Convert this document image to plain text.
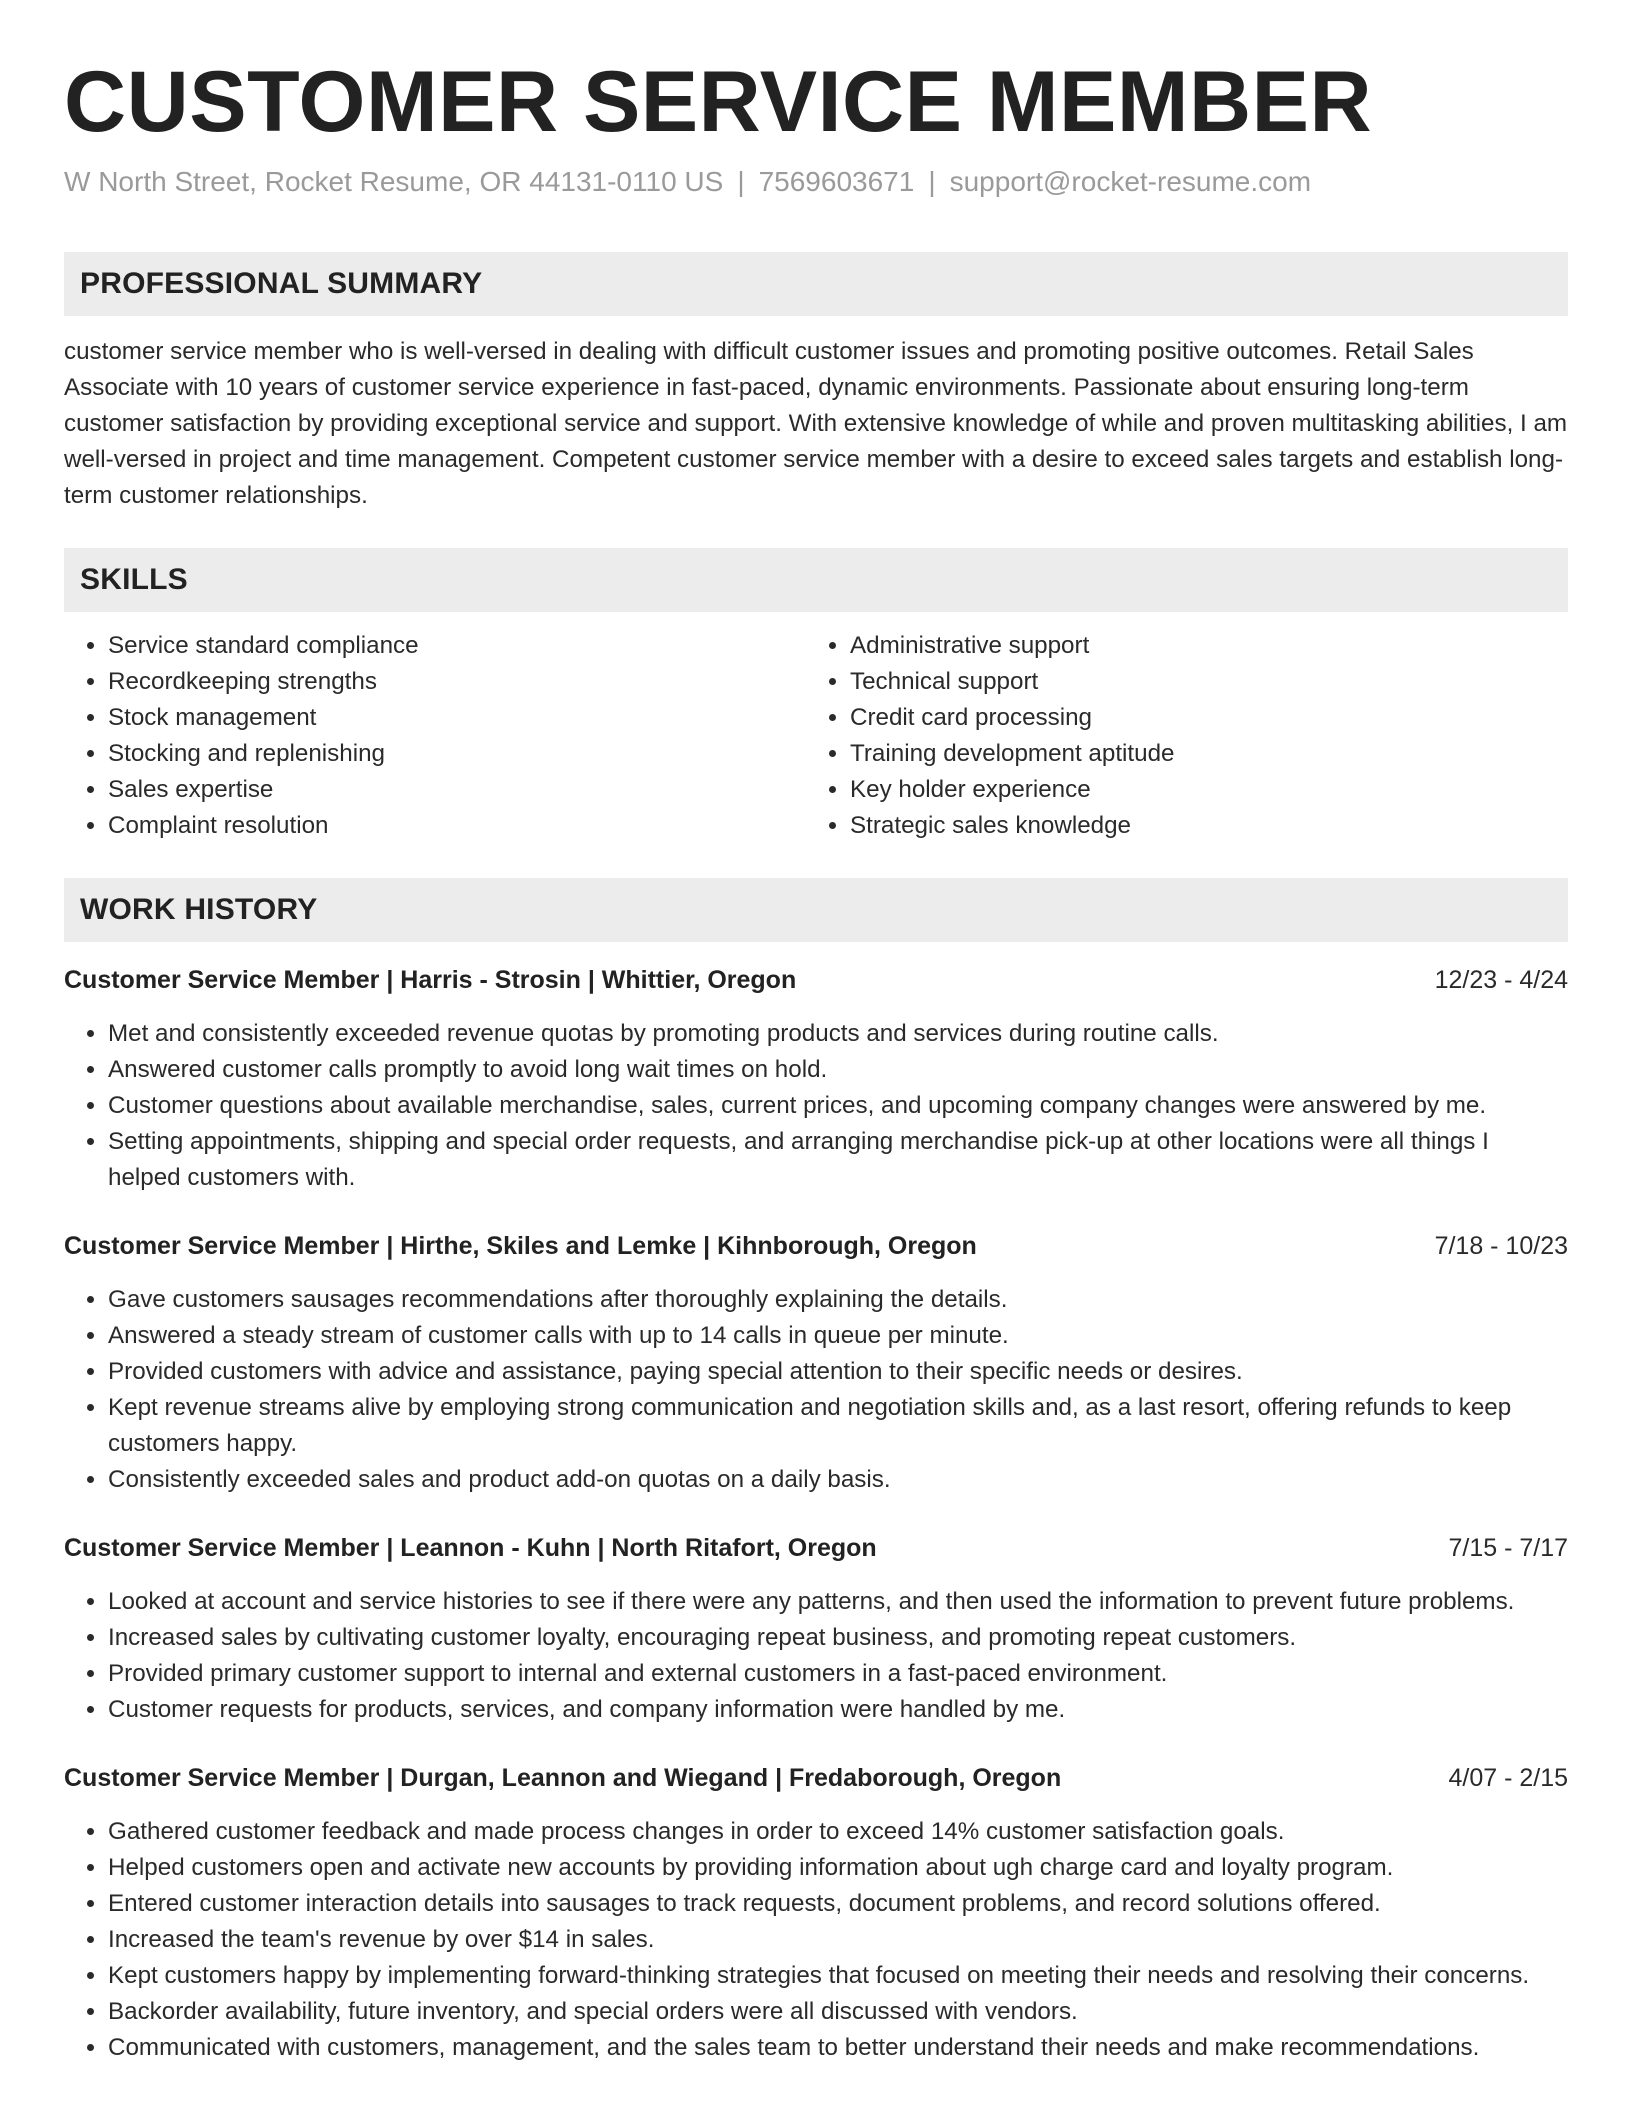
CUSTOMER SERVICE MEMBER
W North Street, Rocket Resume, OR 44131-0110 US | 7569603671 | support@rocket-resume.com
PROFESSIONAL SUMMARY

customer service member who is well-versed in dealing with difficult customer issues and promoting positive outcomes. Retail Sales Associate with 10 years of customer service experience in fast-paced, dynamic environments. Passionate about ensuring long-term customer satisfaction by providing exceptional service and support. With extensive knowledge of while and proven multitasking abilities, I am well-versed in project and time management. Competent customer service member with a desire to exceed sales targets and establish long-term customer relationships.

SKILLS
• Service standard compliance
• Recordkeeping strengths
• Stock management
• Stocking and replenishing
• Sales expertise
• Complaint resolution
• Administrative support
• Technical support
• Credit card processing
• Training development aptitude
• Key holder experience
• Strategic sales knowledge
WORK HISTORY
Customer Service Member | Harris - Strosin | Whittier, Oregon	12/23 - 4/24
• Met and consistently exceeded revenue quotas by promoting products and services during routine calls.
• Answered customer calls promptly to avoid long wait times on hold.
• Customer questions about available merchandise, sales, current prices, and upcoming company changes were answered by me.
• Setting appointments, shipping and special order requests, and arranging merchandise pick-up at other locations were all things I helped customers with.
Customer Service Member | Hirthe, Skiles and Lemke | Kihnborough, Oregon	7/18 - 10/23
• Gave customers sausages recommendations after thoroughly explaining the details.
• Answered a steady stream of customer calls with up to 14 calls in queue per minute.
• Provided customers with advice and assistance, paying special attention to their specific needs or desires.
• Kept revenue streams alive by employing strong communication and negotiation skills and, as a last resort, offering refunds to keep customers happy.
• Consistently exceeded sales and product add-on quotas on a daily basis.
Customer Service Member | Leannon - Kuhn | North Ritafort, Oregon	7/15 - 7/17
• Looked at account and service histories to see if there were any patterns, and then used the information to prevent future problems.
• Increased sales by cultivating customer loyalty, encouraging repeat business, and promoting repeat customers.
• Provided primary customer support to internal and external customers in a fast-paced environment.
• Customer requests for products, services, and company information were handled by me.
Customer Service Member | Durgan, Leannon and Wiegand | Fredaborough, Oregon	4/07 - 2/15
• Gathered customer feedback and made process changes in order to exceed 14% customer satisfaction goals.
• Helped customers open and activate new accounts by providing information about ugh charge card and loyalty program.
• Entered customer interaction details into sausages to track requests, document problems, and record solutions offered.
• Increased the team's revenue by over $14 in sales.
• Kept customers happy by implementing forward-thinking strategies that focused on meeting their needs and resolving their concerns.
• Backorder availability, future inventory, and special orders were all discussed with vendors.
• Communicated with customers, management, and the sales team to better understand their needs and make recommendations.
